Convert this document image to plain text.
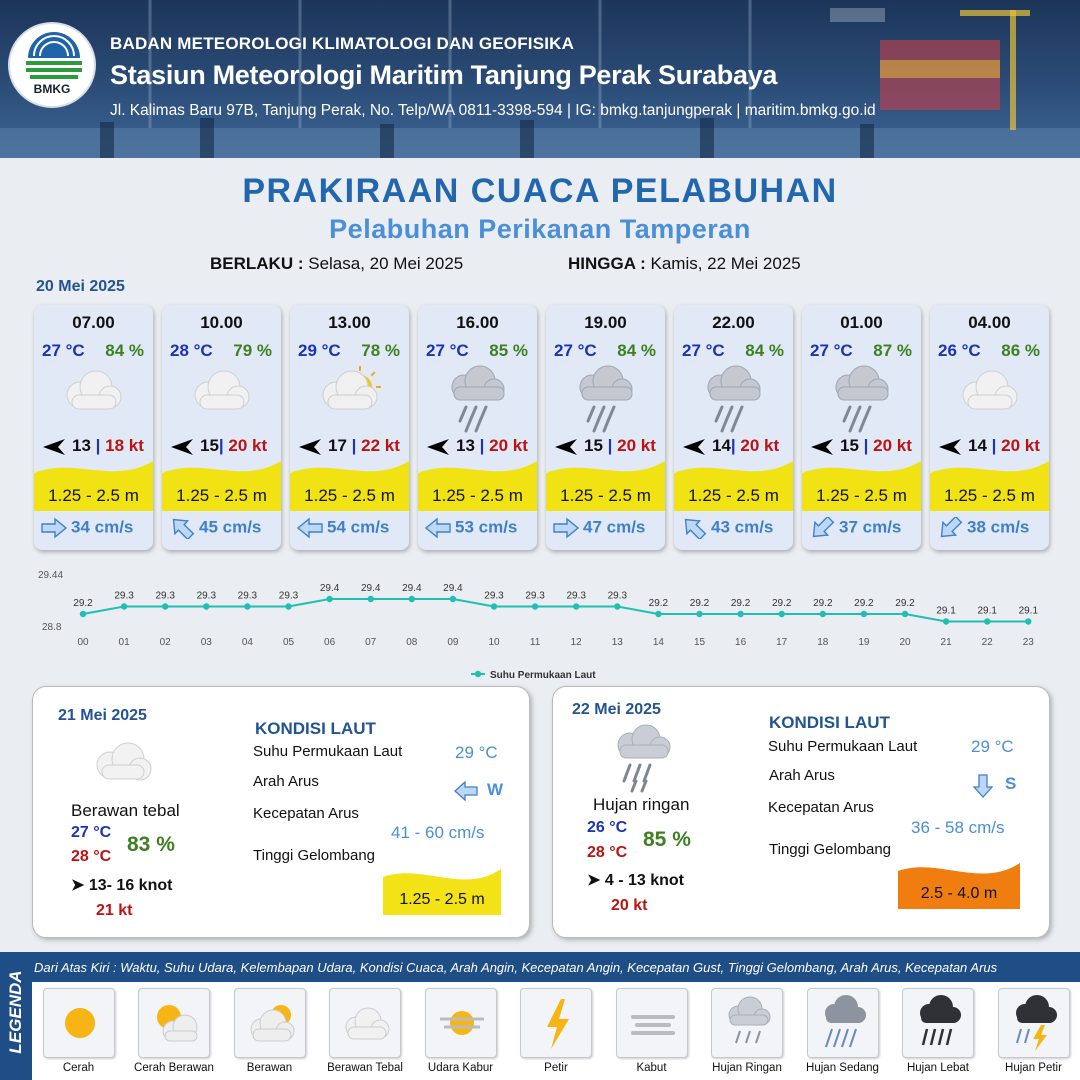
BMKG
BADAN METEOROLOGI KLIMATOLOGI DAN GEOFISIKA
Stasiun Meteorologi Maritim Tanjung Perak Surabaya
Jl. Kalimas Baru 97B, Tanjung Perak, No. Telp/WA 0811-3398-594 | IG: bmkg.tanjungperak | maritim.bmkg.go.id
PRAKIRAAN CUACA PELABUHAN
Pelabuhan Perikanan Tamperan
BERLAKU : Selasa, 20 Mei 2025	HINGGA : Kamis, 22 Mei 2025
20 Mei 2025
07.00
27 °C 84 %
13 | 18 kt
1.25 - 2.5 m
34 cm/s
10.00
28 °C 79 %
15| 20 kt
1.25 - 2.5 m
45 cm/s
13.00
29 °C 78 %
17 | 22 kt
1.25 - 2.5 m
54 cm/s
16.00
27 °C 85 %
13 | 20 kt
1.25 - 2.5 m
53 cm/s
19.00
27 °C 84 %
15 | 20 kt
1.25 - 2.5 m
47 cm/s
22.00
27 °C 84 %
14| 20 kt
1.25 - 2.5 m
43 cm/s
01.00
27 °C 87 %
15 | 20 kt
1.25 - 2.5 m
37 cm/s
04.00
26 °C 86 %
14 | 20 kt
1.25 - 2.5 m
38 cm/s
29.44
28.8
29.2
00
29.3
01
29.3
02
29.3
03
29.3
04
29.3
05
29.4
06
29.4
07
29.4
08
29.4
09
29.3
10
29.3
11
29.3
12
29.3
13
29.2
14
29.2
15
29.2
16
29.2
17
29.2
18
29.2
19
29.2
20
29.1
21
29.1
22
29.1
23
Suhu Permukaan Laut
21 Mei 2025
Berawan tebal
27 °C
28 °C
83 %
➤ 13- 16 knot
21 kt
KONDISI LAUT
Suhu Permukaan Laut	29 °C
Arah Arus	W
Kecepatan Arus
41 - 60 cm/s
Tinggi Gelombang
1.25 - 2.5 m
22 Mei 2025
Hujan ringan
26 °C
28 °C
85 %
➤ 4 - 13 knot
20 kt
KONDISI LAUT
Suhu Permukaan Laut	29 °C
Arah Arus	S
Kecepatan Arus
36 - 58 cm/s
Tinggi Gelombang
2.5 - 4.0 m
LEGENDA
Dari Atas Kiri : Waktu, Suhu Udara, Kelembapan Udara, Kondisi Cuaca, Arah Angin, Kecepatan Angin, Kecepatan Gust, Tinggi Gelombang, Arah Arus, Kecepatan Arus
Cerah	Cerah Berawan	Berawan	Berawan Tebal	Udara Kabur	Petir	Kabut	Hujan Ringan	Hujan Sedang	Hujan Lebat	Hujan Petir
